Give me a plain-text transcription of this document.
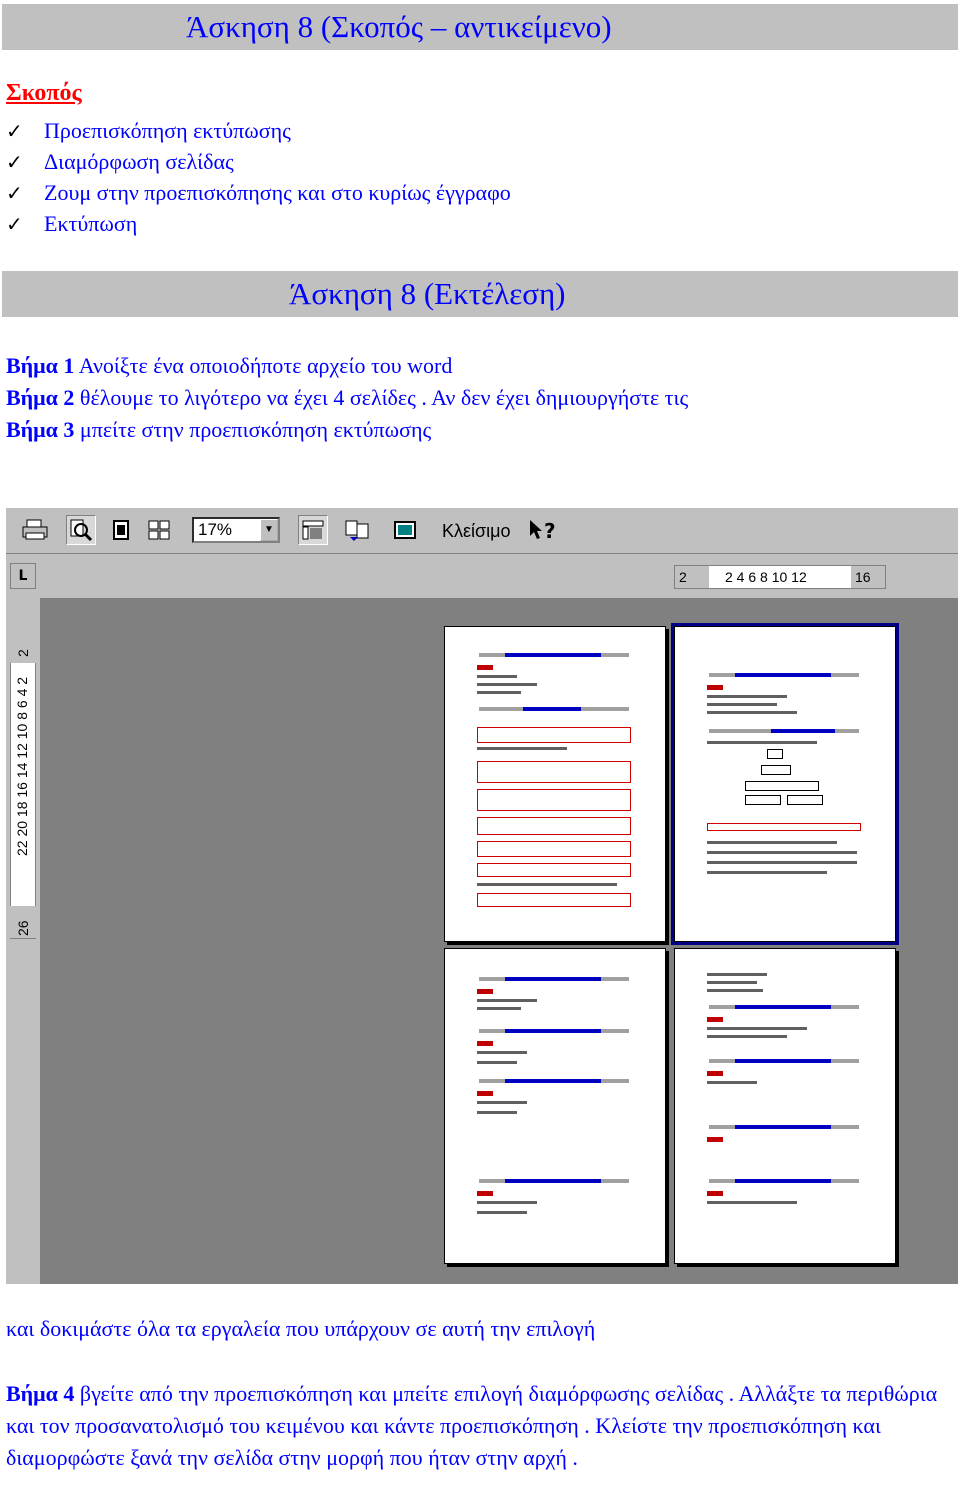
Άσκηση 8 (Σκοπός – αντικείμενο)
Σκοπός
✓ Προεπισκόπηση εκτύπωσης
✓ Διαμόρφωση σελίδας
✓ Ζουμ στην προεπισκόπησης και στο κυρίως έγγραφο
✓ Εκτύπωση
Άσκηση 8 (Εκτέλεση)
Βήμα 1 Ανοίξτε ένα οποιοδήποτε αρχείο του word
Βήμα 2 θέλουμε το λιγότερο να έχει 4 σελίδες . Αν δεν έχει δημιουργήστε τις
Βήμα 3 μπείτε στην προεπισκόπηση εκτύπωσης
17%	▼	Κλείσιμο ?
L	2	2 4 6 8 10 12	16
22 20 18 16 14 12 10 8 6 4 2
2
26
και δοκιμάστε όλα τα εργαλεία που υπάρχουν σε αυτή την επιλογή
Βήμα 4 βγείτε από την προεπισκόπηση και μπείτε επιλογή διαμόρφωσης σελίδας . Αλλάξτε τα περιθώρια και τον προσανατολισμό του κειμένου και κάντε προεπισκόπηση . Κλείστε την προεπισκόπηση και διαμορφώστε ξανά την σελίδα στην μορφή που ήταν στην αρχή .
